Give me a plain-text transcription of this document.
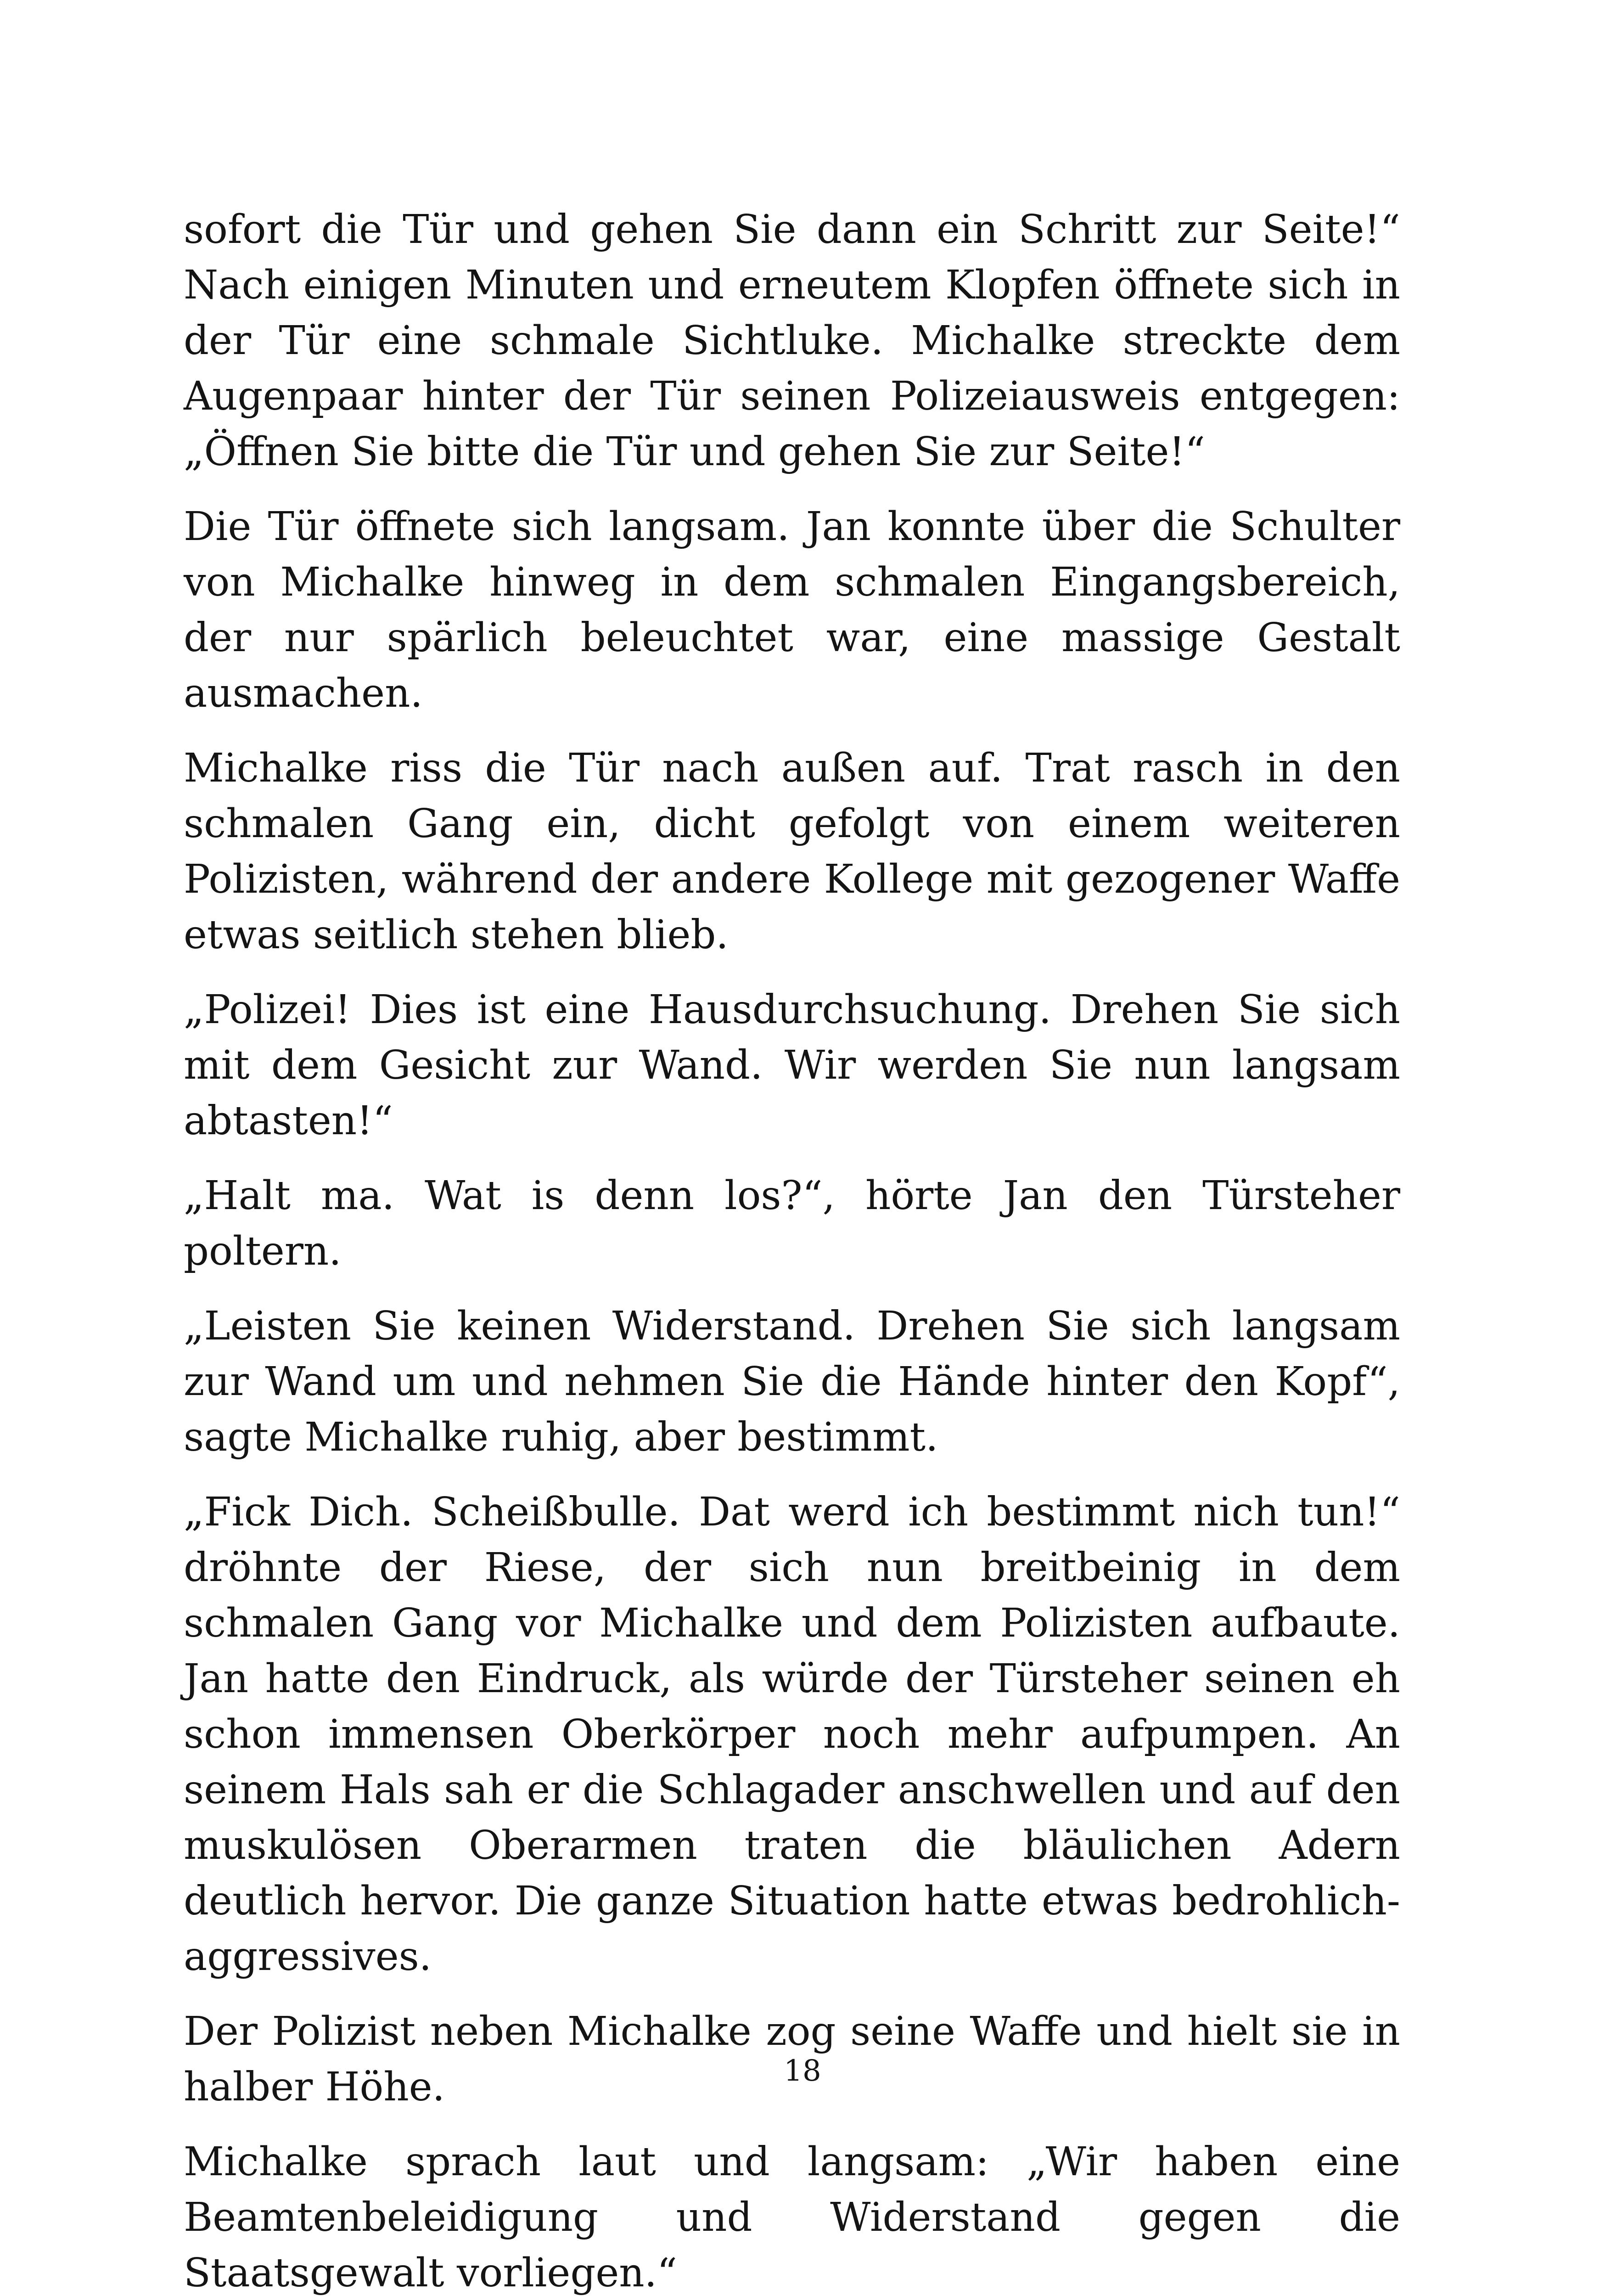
sofort die Tür und gehen Sie dann ein Schritt zur Seite!“ Nach einigen Minuten und erneutem Klopfen öffnete sich in der Tür eine schmale Sichtluke. Michalke streckte dem Augenpaar hinter der Tür seinen Polizeiausweis entgegen: „Öffnen Sie bitte die Tür und gehen Sie zur Seite!“

Die Tür öffnete sich langsam. Jan konnte über die Schulter von Michalke hinweg in dem schmalen Eingangsbereich, der nur spärlich beleuchtet war, eine massige Gestalt ausmachen.

Michalke riss die Tür nach außen auf. Trat rasch in den schmalen Gang ein, dicht gefolgt von einem weiteren Polizisten, während der andere Kollege mit gezogener Waffe etwas seitlich stehen blieb.

„Polizei! Dies ist eine Hausdurchsuchung. Drehen Sie sich mit dem Gesicht zur Wand. Wir werden Sie nun langsam abtasten!“

„Halt ma. Wat is denn los?“, hörte Jan den Türsteher poltern.

„Leisten Sie keinen Widerstand. Drehen Sie sich langsam zur Wand um und nehmen Sie die Hände hinter den Kopf“, sagte Michalke ruhig, aber bestimmt.

„Fick Dich. Scheißbulle. Dat werd ich bestimmt nich tun!“ dröhnte der Riese, der sich nun breitbeinig in dem schmalen Gang vor Michalke und dem Polizisten aufbaute. Jan hatte den Eindruck, als würde der Türsteher seinen eh schon immensen Oberkörper noch mehr aufpumpen. An seinem Hals sah er die Schlagader anschwellen und auf den muskulösen Oberarmen traten die bläulichen Adern deutlich hervor. Die ganze Situation hatte etwas bedrohlich-aggressives.

Der Polizist neben Michalke zog seine Waffe und hielt sie in halber Höhe.

Michalke sprach laut und langsam: „Wir haben eine Beamtenbeleidigung und Widerstand gegen die Staatsgewalt vorliegen.“

18
